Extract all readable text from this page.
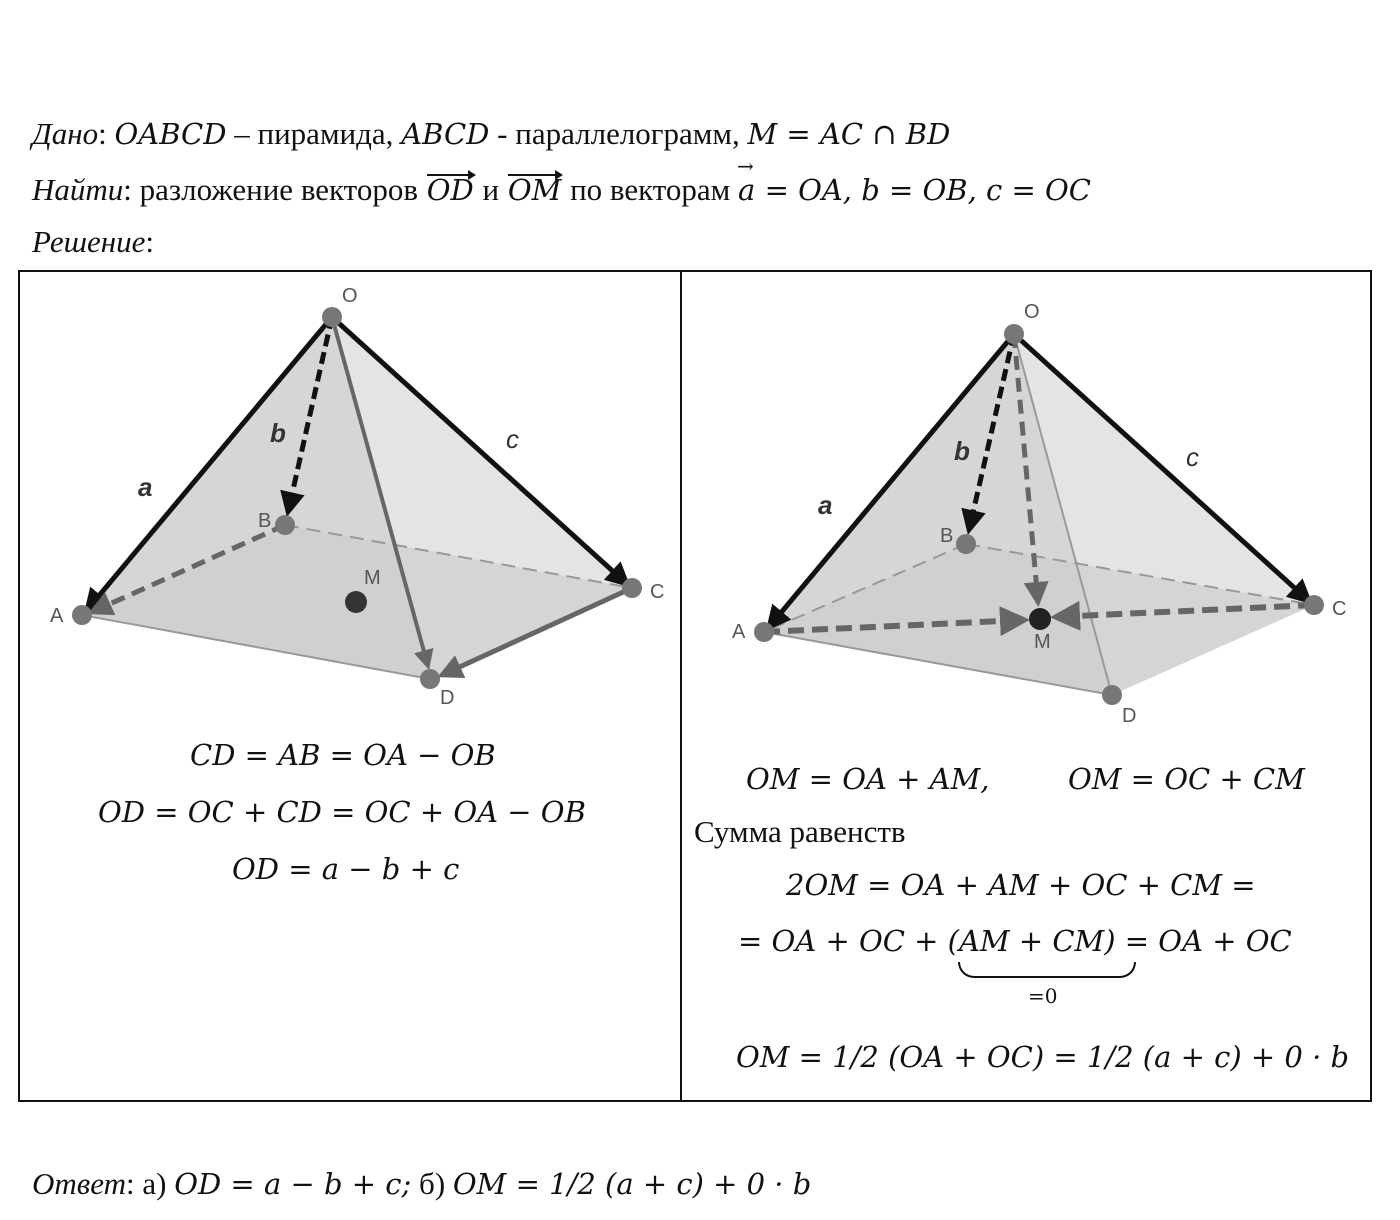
Дано: OABCD – пирамида, ABCD - параллелограмм, M = AC ∩ BD
Найти: разложение векторов OD и OM по векторам → a = OA, b = OB, c = OC
Решение:
O
A
B
C
D
M
a
b	c
O
A
B
C
D
M
a
b	c
CD = AB = OA − OB
OD = OC + CD = OC + OA − OB
OD = a − b + c
OM = OA + AM,	OM = OC + CM
Сумма равенств
2OM = OA + AM + OC + CM =
= OA + OC + (AM + CM) = OA + OC
=0
OM = 1/2 (OA + OC) = 1/2 (a + c) + 0 · b
Ответ: а) OD = a − b + c; б) OM = 1/2 (a + c) + 0 · b
